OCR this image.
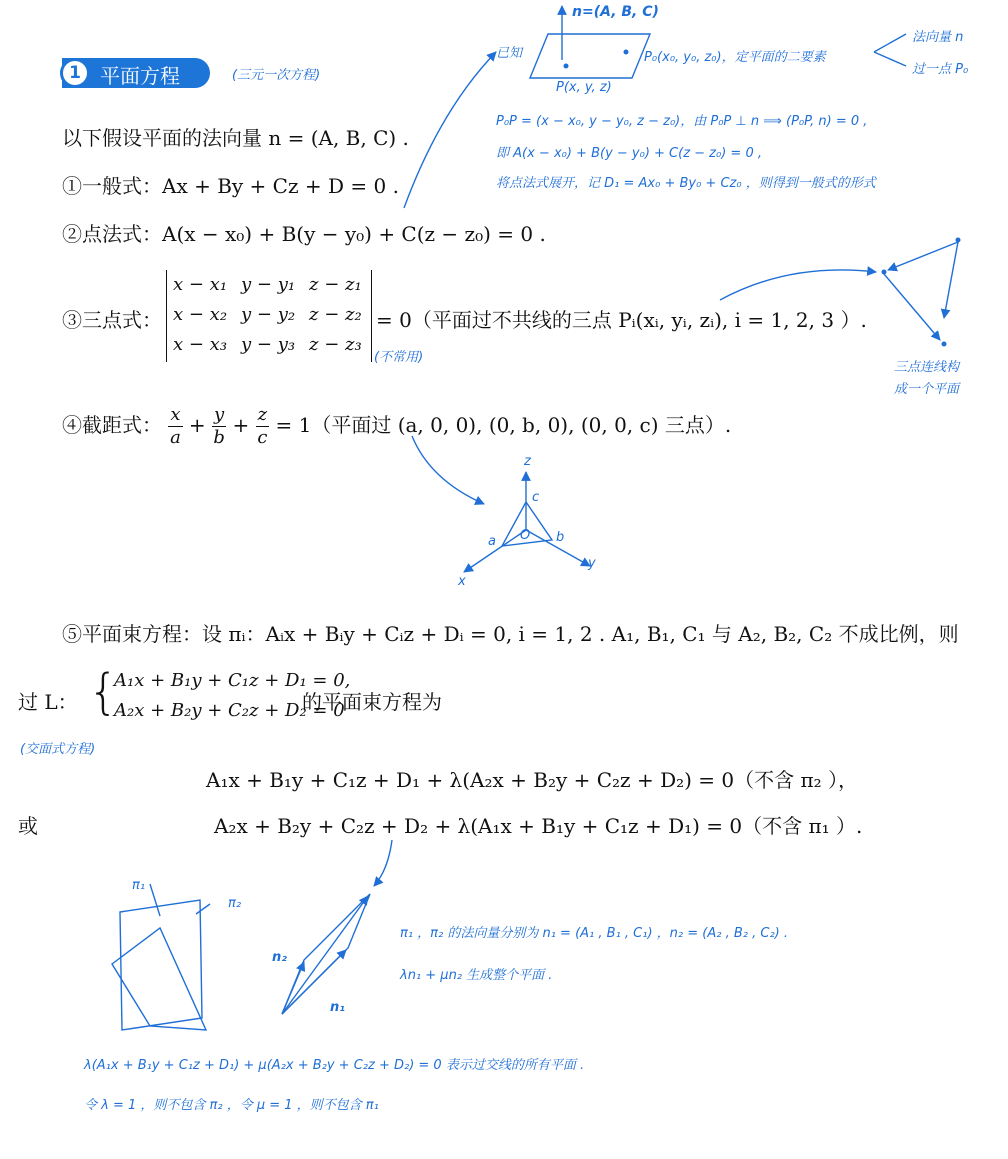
1 平面方程	(三元一次方程)
以下假设平面的法向量 n = (A, B, C) .
①一般式：Ax + By + Cz + D = 0 .
②点法式：A(x − x₀) + B(y − y₀) + C(z − z₀) = 0 .
③三点式：
x − x₁ y − y₁ z − z₁
x − x₂ y − y₂ z − z₂
x − x₃ y − y₃ z − z₃
= 0（平面过不共线的三点 Pᵢ(xᵢ, yᵢ, zᵢ), i = 1, 2, 3 ）.
(不常用)
④截距式： $\frac{x}{a} + \frac{y}{b} + \frac{z}{c} = 1$（平面过 (a, 0, 0), (0, b, 0), (0, 0, c) 三点）.
⑤平面束方程：设 πᵢ：Aᵢx + Bᵢy + Cᵢz + Dᵢ = 0, i = 1, 2 . A₁, B₁, C₁ 与 A₂, B₂, C₂ 不成比例，则
过 L： {
A₁x + B₁y + C₁z + D₁ = 0,
A₂x + B₂y + C₂z + D₂ = 0
的平面束方程为
(交面式方程)
A₁x + B₁y + C₁z + D₁ + λ(A₂x + B₂y + C₂z + D₂) = 0（不含 π₂ ），
或	A₂x + B₂y + C₂z + D₂ + λ(A₁x + B₁y + C₁z + D₁) = 0（不含 π₁ ）.
n=(A, B, C)
已知	P₀(x₀, y₀, z₀)，定平面的二要素
P(x, y, z)
法向量 n
过一点 P₀
P₀P = (x − x₀, y − y₀, z − z₀)，由 P₀P ⊥ n ⟹ (P₀P, n) = 0 ,
即 A(x − x₀) + B(y − y₀) + C(z − z₀) = 0 ,
将点法式展开，记 D₁ = Ax₀ + By₀ + Cz₀ ，则得到一般式的形式
三点连线构
成一个平面
z
c
a O b
x
y
π₁
π₂
n₂
n₁
π₁ ，π₂ 的法向量分别为 n₁ = (A₁ , B₁ , C₁) ，n₂ = (A₂ , B₂ , C₂) .
λn₁ + μn₂ 生成整个平面 .
λ(A₁x + B₁y + C₁z + D₁) + μ(A₂x + B₂y + C₂z + D₂) = 0 表示过交线的所有平面 .
令 λ = 1 ，则不包含 π₂ ，令 μ = 1 ，则不包含 π₁
